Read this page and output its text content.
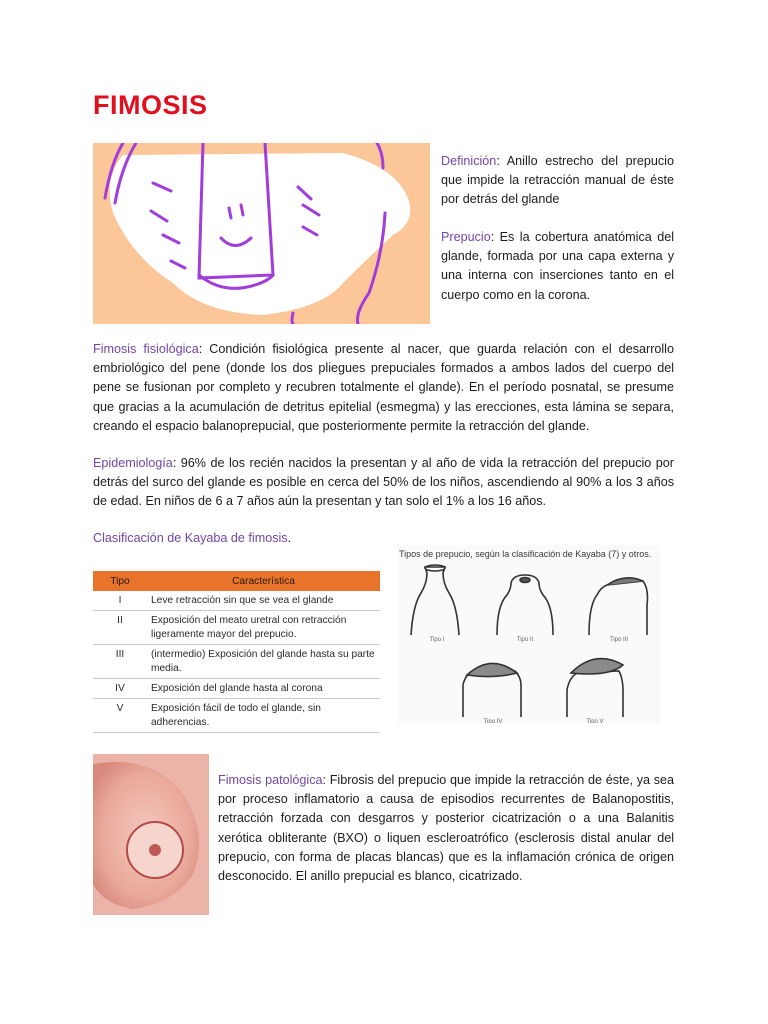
FIMOSIS

Definición: Anillo estrecho del prepucio que impide la retracción manual de éste por detrás del glande

Prepucio: Es la cobertura anatómica del glande, formada por una capa externa y una interna con inserciones tanto en el cuerpo como en la corona.

Fimosis fisiológica: Condición fisiológica presente al nacer, que guarda relación con el desarrollo embriológico del pene (donde los dos pliegues prepuciales formados a ambos lados del cuerpo del pene se fusionan por completo y recubren totalmente el glande). En el período posnatal, se presume que gracias a la acumulación de detritus epitelial (esmegma) y las erecciones, esta lámina se separa, creando el espacio balanoprepucial, que posteriormente permite la retracción del glande.

Epidemiología: 96% de los recién nacidos la presentan y al año de vida la retracción del prepucio por detrás del surco del glande es posible en cerca del 50% de los niños, ascendiendo al 90% a los 3 años de edad. En niños de 6 a 7 años aún la presentan y tan solo el 1% a los 16 años.

Clasificación de Kayaba de fimosis.

Tipo	Característica
I	Leve retracción sin que se vea el glande
II	Exposición del meato uretral con retracción ligeramente mayor del prepucio.
III	(intermedio) Exposición del glande hasta su parte media.
IV	Exposición del glande hasta al corona
V	Exposición fácil de todo el glande, sin adherencias.
Tipos de prepucio, según la clasificación de Kayaba (7) y otros.
Tipo I	Tipo II	Tipo III
Tipo IV	Tipo V

Fimosis patológica: Fibrosis del prepucio que impide la retracción de éste, ya sea por proceso inflamatorio a causa de episodios recurrentes de Balanopostitis, retracción forzada con desgarros y posterior cicatrización o a una Balanitis xerótica obliterante (BXO) o liquen escleroatrófico (esclerosis distal anular del prepucio, con forma de placas blancas) que es la inflamación crónica de origen desconocido. El anillo prepucial es blanco, cicatrizado.
